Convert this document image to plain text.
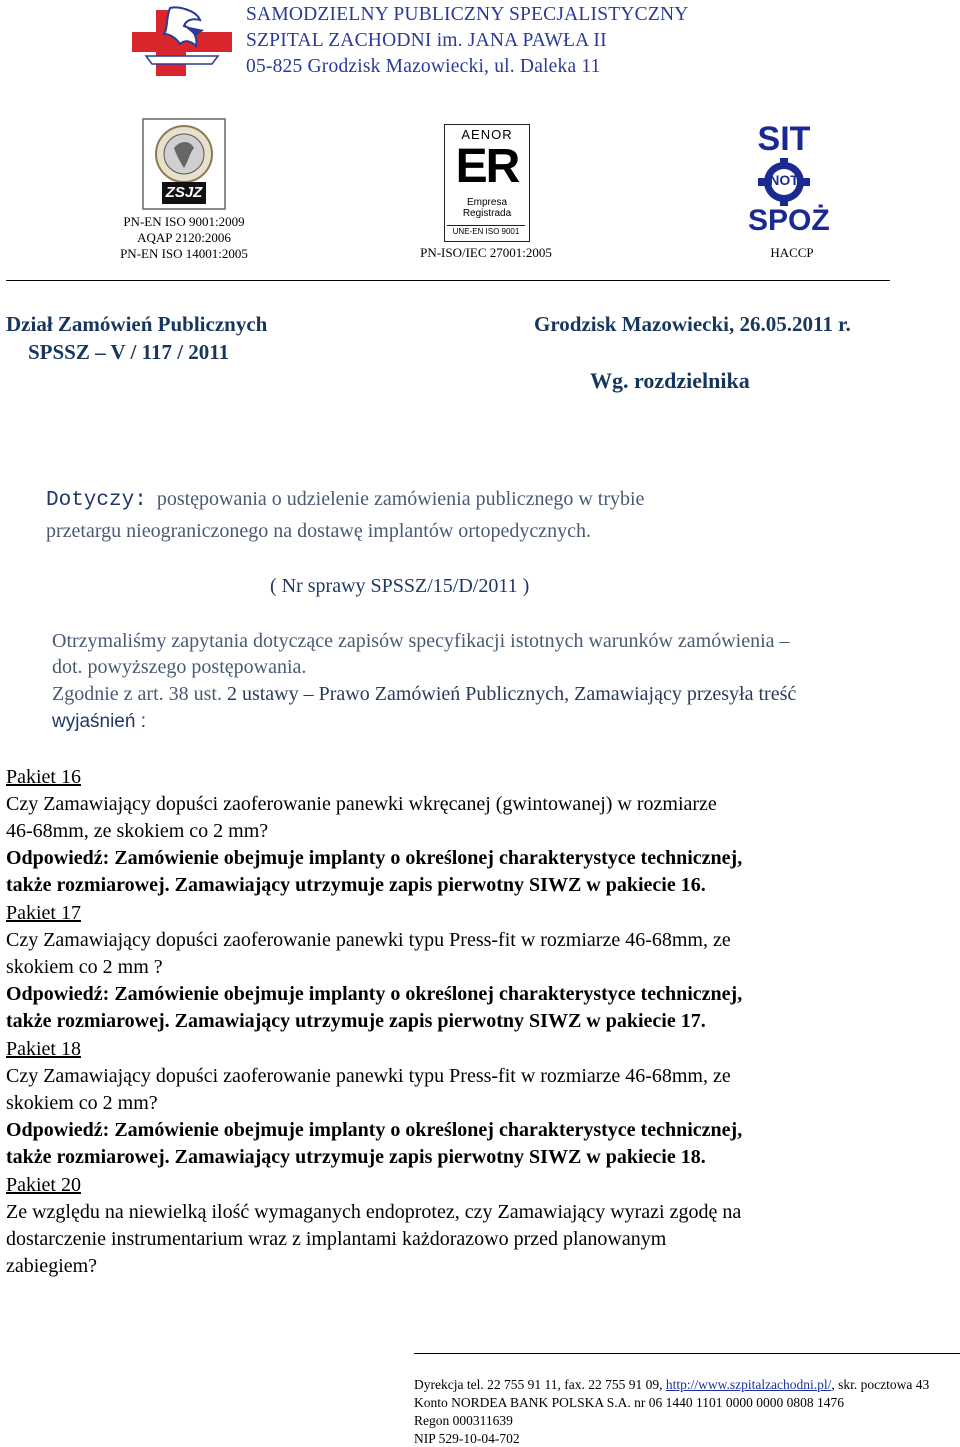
SAMODZIELNY PUBLICZNY SPECJALISTYCZNY
SZPITAL ZACHODNI im. JANA PAWŁA II
05-825 Grodzisk Mazowiecki, ul. Daleka 11
ZSJZ
PN-EN ISO 9001:2009
AQAP 2120:2006
PN-EN ISO 14001:2005
AENOR
ER
Empresa
Registrada
UNE-EN ISO 9001
PN-ISO/IEC 27001:2005
SIT
NOT
SPOŻ
HACCP
Dział Zamówień Publicznych
SPSSZ – V / 117 / 2011
Grodzisk Mazowiecki, 26.05.2011 r.
Wg. rozdzielnika
Dotyczy: postępowania o udzielenie zamówienia publicznego w trybie
przetargu nieograniczonego na dostawę implantów ortopedycznych.
( Nr sprawy SPSSZ/15/D/2011 )
Otrzymaliśmy zapytania dotyczące zapisów specyfikacji istotnych warunków zamówienia –
dot. powyższego postępowania.
Zgodnie z art. 38 ust. 2 ustawy – Prawo Zamówień Publicznych, Zamawiający przesyła treść
wyjaśnień :
Pakiet 16
Czy Zamawiający dopuści zaoferowanie panewki wkręcanej (gwintowanej) w rozmiarze
46-68mm, ze skokiem co 2 mm?
Odpowiedź: Zamówienie obejmuje implanty o określonej charakterystyce technicznej,
także rozmiarowej. Zamawiający utrzymuje zapis pierwotny SIWZ w pakiecie 16.
Pakiet 17
Czy Zamawiający dopuści zaoferowanie panewki typu Press-fit w rozmiarze 46-68mm, ze
skokiem co 2 mm ?
Odpowiedź: Zamówienie obejmuje implanty o określonej charakterystyce technicznej,
także rozmiarowej. Zamawiający utrzymuje zapis pierwotny SIWZ w pakiecie 17.
Pakiet 18
Czy Zamawiający dopuści zaoferowanie panewki typu Press-fit w rozmiarze 46-68mm, ze
skokiem co 2 mm?
Odpowiedź: Zamówienie obejmuje implanty o określonej charakterystyce technicznej,
także rozmiarowej. Zamawiający utrzymuje zapis pierwotny SIWZ w pakiecie 18.
Pakiet 20
Ze względu na niewielką ilość wymaganych endoprotez, czy Zamawiający wyrazi zgodę na
dostarczenie instrumentarium wraz z implantami każdorazowo przed planowanym
zabiegiem?
Dyrekcja tel. 22 755 91 11, fax. 22 755 91 09, http://www.szpitalzachodni.pl/, skr. pocztowa 43
Konto NORDEA BANK POLSKA S.A. nr 06 1440 1101 0000 0000 0808 1476
Regon 000311639
NIP 529-10-04-702
